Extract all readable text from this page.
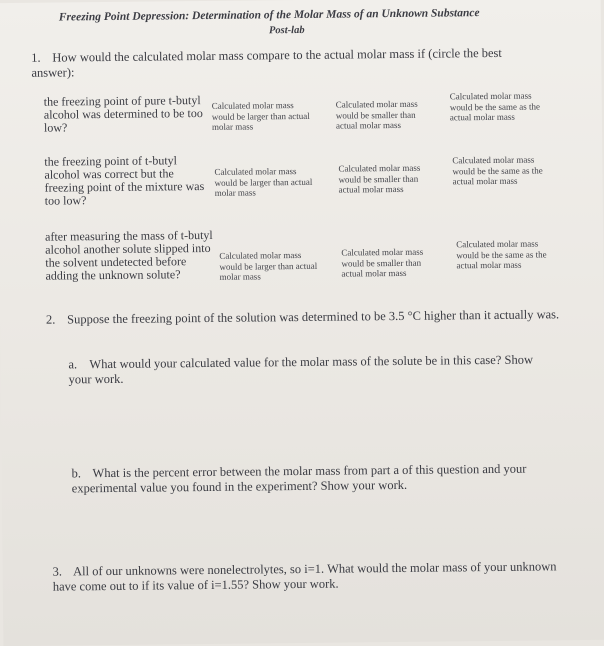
Freezing Point Depression: Determination of the Molar Mass of an Unknown Substance
Post-lab
1. How would the calculated molar mass compare to the actual molar mass if (circle the best answer):
the freezing point of pure t-butyl alcohol was determined to be too low?
Calculated molar mass would be larger than actual molar mass
Calculated molar mass would be smaller than actual molar mass
Calculated molar mass would be the same as the actual molar mass
the freezing point of t-butyl alcohol was correct but the freezing point of the mixture was too low?
Calculated molar mass would be larger than actual molar mass
Calculated molar mass would be smaller than actual molar mass
Calculated molar mass would be the same as the actual molar mass
after measuring the mass of t-butyl alcohol another solute slipped into the solvent undetected before adding the unknown solute?
Calculated molar mass would be larger than actual molar mass
Calculated molar mass would be smaller than actual molar mass
Calculated molar mass would be the same as the actual molar mass
2. Suppose the freezing point of the solution was determined to be 3.5 °C higher than it actually was.
a. What would your calculated value for the molar mass of the solute be in this case? Show your work.
b. What is the percent error between the molar mass from part a of this question and your experimental value you found in the experiment? Show your work.
3. All of our unknowns were nonelectrolytes, so i=1. What would the molar mass of your unknown have come out to if its value of i=1.55? Show your work.
